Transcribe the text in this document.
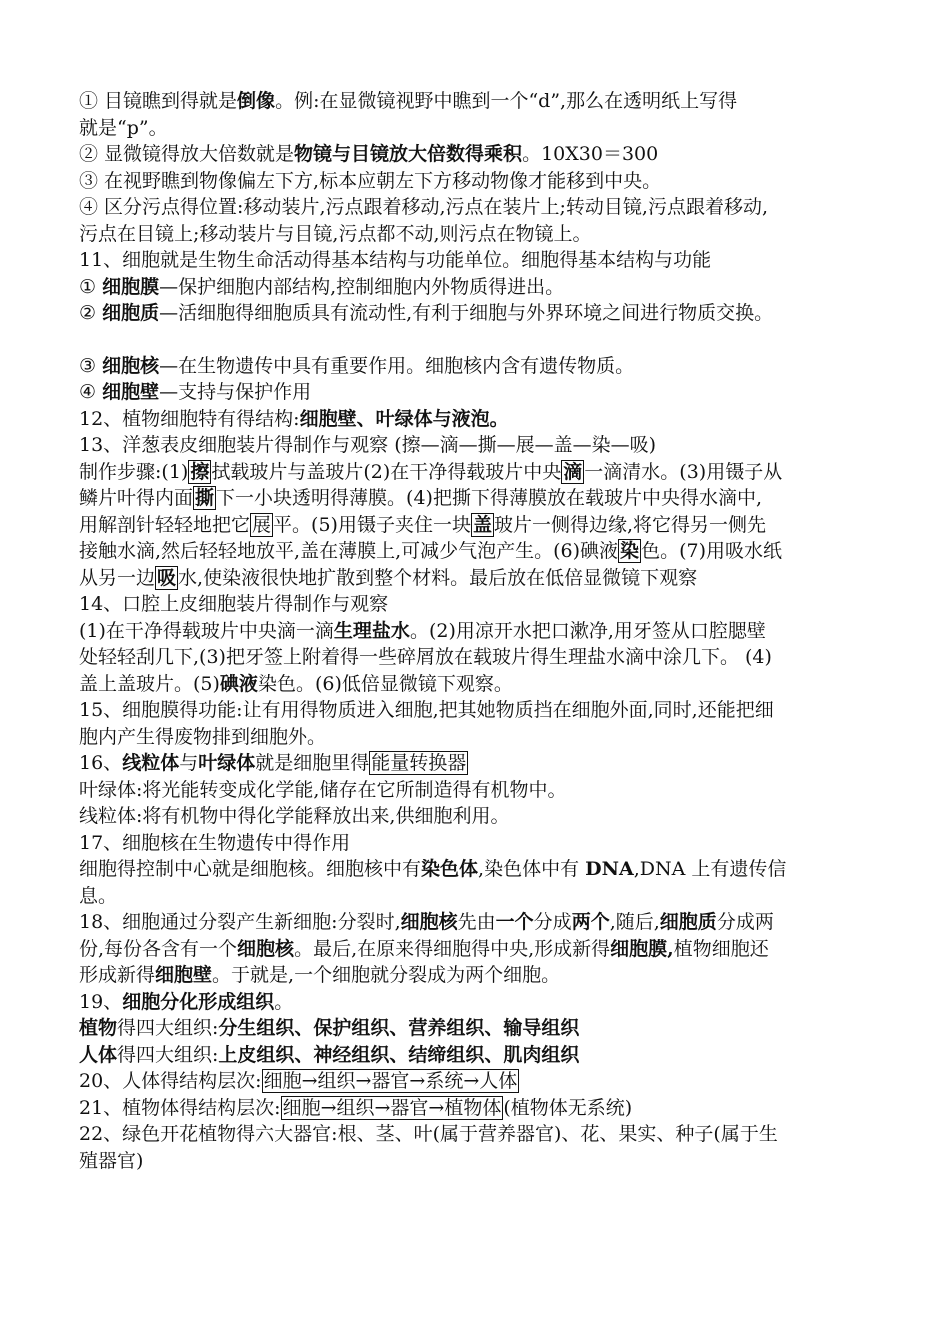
① 目镜瞧到得就是倒像。例:在显微镜视野中瞧到一个“d”,那么在透明纸上写得
就是“p”。
② 显微镜得放大倍数就是物镜与目镜放大倍数得乘积。10X30＝300
③ 在视野瞧到物像偏左下方,标本应朝左下方移动物像才能移到中央。
④ 区分污点得位置:移动装片,污点跟着移动,污点在装片上;转动目镜,污点跟着移动,
污点在目镜上;移动装片与目镜,污点都不动,则污点在物镜上。
11、细胞就是生物生命活动得基本结构与功能单位。细胞得基本结构与功能
① 细胞膜—保护细胞内部结构,控制细胞内外物质得进出。
② 细胞质—活细胞得细胞质具有流动性,有利于细胞与外界环境之间进行物质交换。
③ 细胞核—在生物遗传中具有重要作用。细胞核内含有遗传物质。
④ 细胞壁—支持与保护作用
12、植物细胞特有得结构:细胞壁、叶绿体与液泡。
13、洋葱表皮细胞装片得制作与观察 (擦—滴—撕—展—盖—染—吸)
制作步骤:(1) 擦 拭载玻片与盖玻片(2)在干净得载玻片中央 滴 一滴清水。(3)用镊子从
鳞片叶得内面 撕 下一小块透明得薄膜。(4)把撕下得薄膜放在载玻片中央得水滴中,
用解剖针轻轻地把它 展 平。(5)用镊子夹住一块 盖 玻片一侧得边缘,将它得另一侧先
接触水滴,然后轻轻地放平,盖在薄膜上,可减少气泡产生。(6)碘液 染 色。(7)用吸水纸
从另一边 吸 水,使染液很快地扩散到整个材料。最后放在低倍显微镜下观察
14、口腔上皮细胞装片得制作与观察
(1)在干净得载玻片中央滴一滴生理盐水。(2)用凉开水把口漱净,用牙签从口腔腮壁
处轻轻刮几下,(3)把牙签上附着得一些碎屑放在载玻片得生理盐水滴中涂几下。 (4)
盖上盖玻片。(5)碘液染色。(6)低倍显微镜下观察。
15、细胞膜得功能:让有用得物质进入细胞,把其她物质挡在细胞外面,同时,还能把细
胞内产生得废物排到细胞外。
16、线粒体与叶绿体就是细胞里得 能量转换器
叶绿体:将光能转变成化学能,储存在它所制造得有机物中。
线粒体:将有机物中得化学能释放出来,供细胞利用。
17、细胞核在生物遗传中得作用
细胞得控制中心就是细胞核。细胞核中有染色体,染色体中有 DNA,DNA 上有遗传信
息。
18、细胞通过分裂产生新细胞:分裂时,细胞核先由一个分成两个,随后,细胞质分成两
份,每份各含有一个细胞核。最后,在原来得细胞得中央,形成新得细胞膜,植物细胞还
形成新得细胞壁。于就是,一个细胞就分裂成为两个细胞。
19、细胞分化形成组织。
植物得四大组织:分生组织、保护组织、营养组织、输导组织
人体得四大组织:上皮组织、神经组织、结缔组织、肌肉组织
20、人体得结构层次: 细胞→组织→器官→系统→人体
21、植物体得结构层次: 细胞→组织→器官→植物体 (植物体无系统)
22、绿色开花植物得六大器官:根、茎、叶(属于营养器官)、花、果实、种子(属于生
殖器官)
